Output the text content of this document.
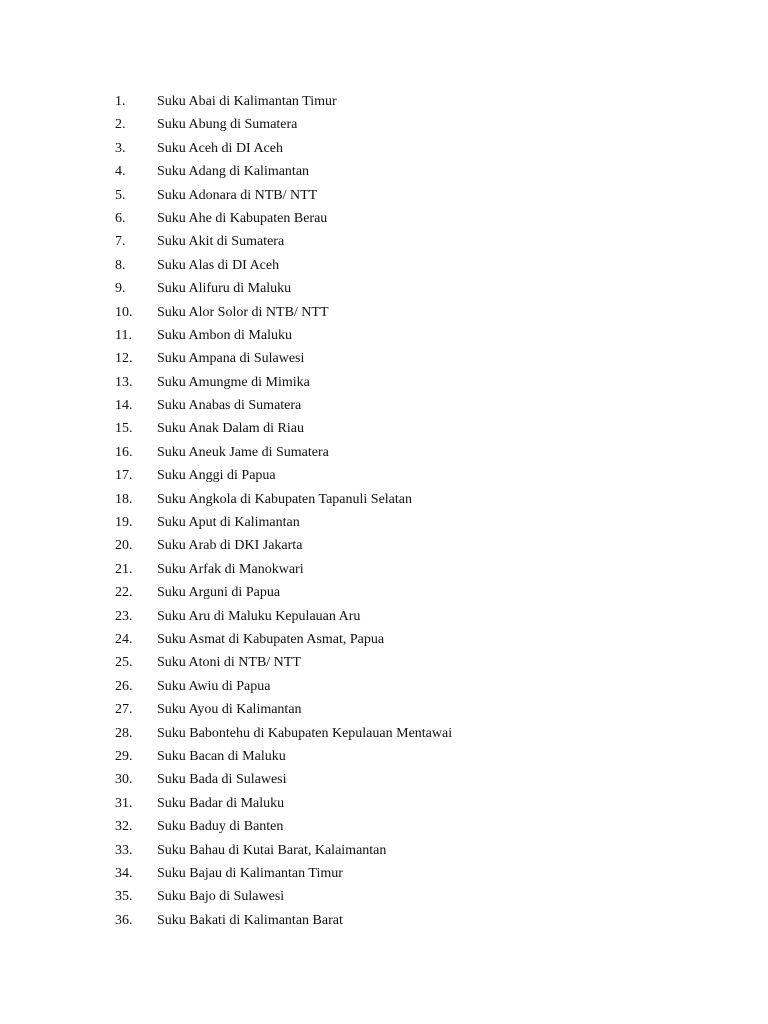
1. Suku Abai di Kalimantan Timur
2. Suku Abung di Sumatera
3. Suku Aceh di DI Aceh
4. Suku Adang di Kalimantan
5. Suku Adonara di NTB/ NTT
6. Suku Ahe di Kabupaten Berau
7. Suku Akit di Sumatera
8. Suku Alas di DI Aceh
9. Suku Alifuru di Maluku
10. Suku Alor Solor di NTB/ NTT
11. Suku Ambon di Maluku
12. Suku Ampana di Sulawesi
13. Suku Amungme di Mimika
14. Suku Anabas di Sumatera
15. Suku Anak Dalam di Riau
16. Suku Aneuk Jame di Sumatera
17. Suku Anggi di Papua
18. Suku Angkola di Kabupaten Tapanuli Selatan
19. Suku Aput di Kalimantan
20. Suku Arab di DKI Jakarta
21. Suku Arfak di Manokwari
22. Suku Arguni di Papua
23. Suku Aru di Maluku Kepulauan Aru
24. Suku Asmat di Kabupaten Asmat, Papua
25. Suku Atoni di NTB/ NTT
26. Suku Awiu di Papua
27. Suku Ayou di Kalimantan
28. Suku Babontehu di Kabupaten Kepulauan Mentawai
29. Suku Bacan di Maluku
30. Suku Bada di Sulawesi
31. Suku Badar di Maluku
32. Suku Baduy di Banten
33. Suku Bahau di Kutai Barat, Kalaimantan
34. Suku Bajau di Kalimantan Timur
35. Suku Bajo di Sulawesi
36. Suku Bakati di Kalimantan Barat
